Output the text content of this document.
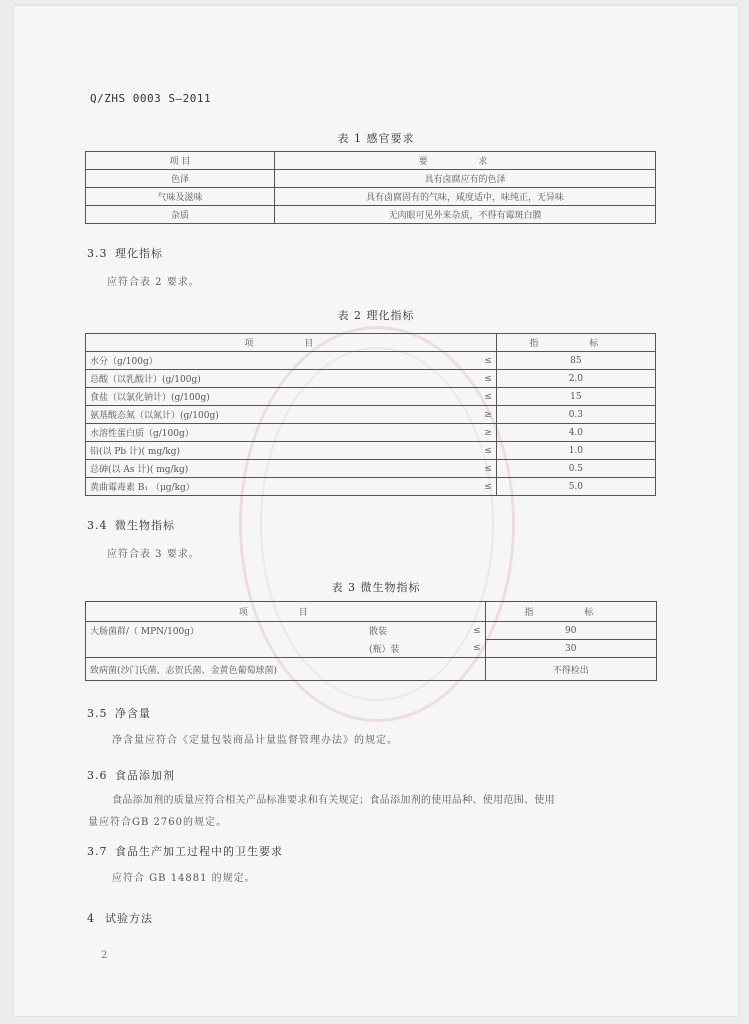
Q/ZHS 0003 S—2011
表 1 感官要求
项 目	要 求
色泽	具有卤腐应有的色泽
气味及滋味	具有卤腐固有的气味，咸度适中，味纯正，无异味
杂质	无肉眼可见外来杂质，不得有霉斑白膜
3.3 理化指标
应符合表 2 要求。
表 2 理化指标
项 目		指 标
水分（g/100g）	≤	85
总酸（以乳酸计）(g/100g)	≤	2.0
食盐（以氯化钠计）(g/100g)	≤	15
氨基酸态氮（以氮计）(g/100g)	≥	0.3
水溶性蛋白质（g/100g）	≥	4.0
铅(以 Pb 计)( mg/kg)	≤	1.0
总砷(以 As 计)( mg/kg)	≤	0.5
黄曲霉毒素 B₁ （μg/kg）	≤	5.0
3.4 微生物指标
应符合表 3 要求。
表 3 微生物指标
项 目			指 标
大肠菌群/（ MPN/100g）	散装	≤	90
	(瓶）装	≤	30
致病菌(沙门氏菌、志贺氏菌、金黄色葡萄球菌)			不得检出
3.5 净含量
净含量应符合《定量包装商品计量监督管理办法》的规定。
3.6 食品添加剂
食品添加剂的质量应符合相关产品标准要求和有关规定；食品添加剂的使用品种、使用范围、使用
量应符合GB 2760的规定。
3.7 食品生产加工过程中的卫生要求
应符合 GB 14881 的规定。
4 试验方法
2
